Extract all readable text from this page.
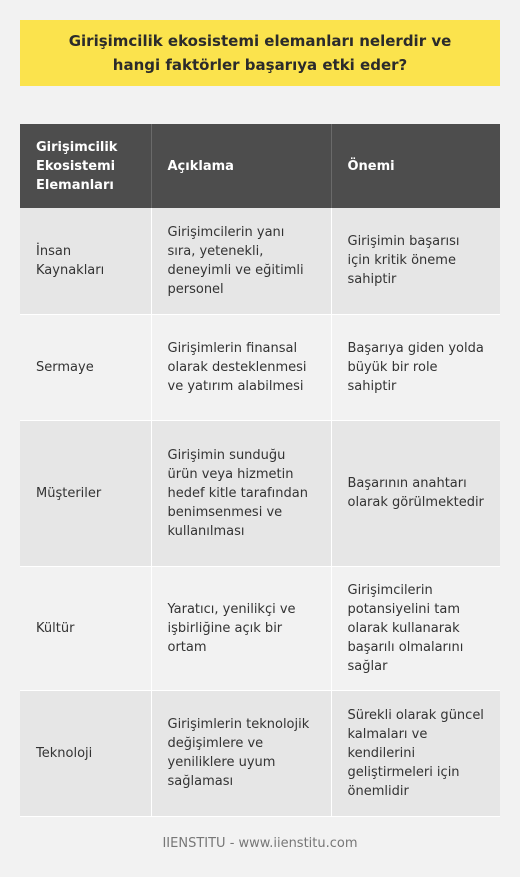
Girişimcilik ekosistemi elemanları nelerdir ve hangi faktörler başarıya etki eder?
Girişimcilik Ekosistemi Elemanları	Açıklama	Önemi
İnsan Kaynakları	Girişimcilerin yanı sıra, yetenekli, deneyimli ve eğitimli personel	Girişimin başarısı için kritik öneme sahiptir
Sermaye	Girişimlerin finansal olarak desteklenmesi ve yatırım alabilmesi	Başarıya giden yolda büyük bir role sahiptir
Müşteriler	Girişimin sunduğu ürün veya hizmetin hedef kitle tarafından benimsenmesi ve kullanılması	Başarının anahtarı olarak görülmektedir
Kültür	Yaratıcı, yenilikçi ve işbirliğine açık bir ortam	Girişimcilerin potansiyelini tam olarak kullanarak başarılı olmalarını sağlar
Teknoloji	Girişimlerin teknolojik değişimlere ve yeniliklere uyum sağlaması	Sürekli olarak güncel kalmaları ve kendilerini geliştirmeleri için önemlidir
IIENSTITU - www.iienstitu.com
